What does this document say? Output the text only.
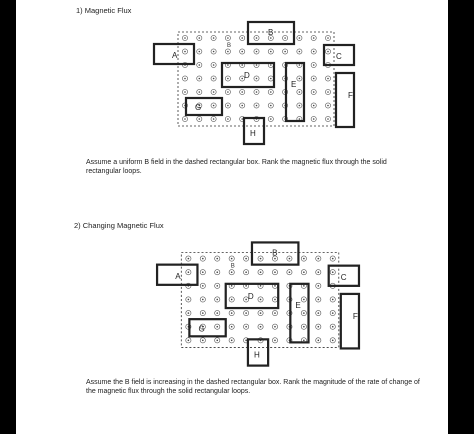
1) Magnetic Flux
B
A
B
C
D
E
F
G
H
Assume a uniform B field in the dashed rectangular box. Rank the magnetic flux through the solid rectangular loops.
2) Changing Magnetic Flux
B
A
B
C
D
E
F
G
H
Assume the B field is increasing in the dashed rectangular box. Rank the magnitude of the rate of change of the magnetic flux through the solid rectangular loops.
